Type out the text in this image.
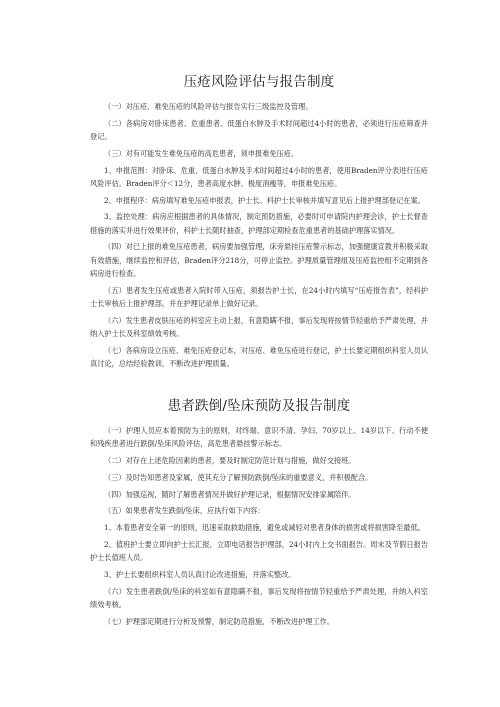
压疮风险评估与报告制度

（一）对压疮、难免压疮的风险评估与报告实行三级监控及管理。

（二）各病房对卧床患者、危重患者、低蛋白水肿及手术时间超过4小时的患者，必须进行压疮筛查并登记。

（三）对有可能发生难免压疮的高危患者，须申报难免压疮。

1、申报范围：对卧床、危重、低蛋白水肿及手术时间超过4小时的患者，使用Braden评分表进行压疮风险评估。Braden评分＜12分，患者高度水肿、极度消瘦等，申报难免压疮。

2、申报程序：病房填写难免压疮申报表，护士长、科护士长审核并填写意见后上报护理部登记在案。

3、监控处理：病房应根据患者的具体情况，制定预防措施，必要时可申请院内护理会诊，护士长督查措施的落实并进行效果评价，科护士长随时抽查，护理部定期检查危重患者的基础护理落实情况。

（四）对已上报的难免压疮患者，病房要加强管理，床旁悬挂压疮警示标志，加强健康宣教并积极采取有效措施，继续监控和评估，Braden评分218分，可停止监控。护理质量管理组及压疮监控组不定期到各病房进行检查。

（五）患者发生压疮或患者入院时带入压疮，须报告护士长，在24小时内填写“压疮报告表”，经科护士长审核后上报护理部，并在护理记录单上做好记录。

（六）发生患者皮肤压疮的科室应主动上报，有意隐瞒不报，事后发现将按情节轻重给予严肃处理，并纳入护士长及科室绩效考核。

（七）各病房设立压疮、难免压疮登记本，对压疮、难免压疮进行登记，护士长要定期组织科室人员认真讨论，总结经验教训，不断改进护理质量。

患者跌倒/坠床预防及报告制度

（一）护理人员应本着预防为主的原则，对终端、意识不清、孕妇、70岁以上、14岁以下、行动不便和残疾患者进行跌倒/坠床风险评估，高危患者悬挂警示标志。

（二）对存在上述危险因素的患者，要及时制定防范计划与措施，做好交接班。

（三）及时告知患者及家属，使其充分了解预防跌倒/坠床的重要意义，并积极配合。

（四）加强巡视，随时了解患者情况并做好护理记录，根据情况安排家属陪伴。

（五）如果患者发生跌倒/坠床，应执行如下内容：

1、本着患者安全第一的原则，迅速采取救助措施，避免或减轻对患者身体的损害或将损害降至最低。

2、值班护士要立即向护士长汇报，立即电话报告护理部，24小时内上交书面报告。周末及节假日报告护士长值班人员。

3、护士长要组织科室人员认真讨论改进措施，并落实整改。

（六）发生患者跌倒/坠床的科室如有意隐瞒不报，事后发现将按情节轻重给予严肃处理，并纳入科室绩效考核。

（七）护理部定期进行分析及预警，制定防范措施，不断改进护理工作。
